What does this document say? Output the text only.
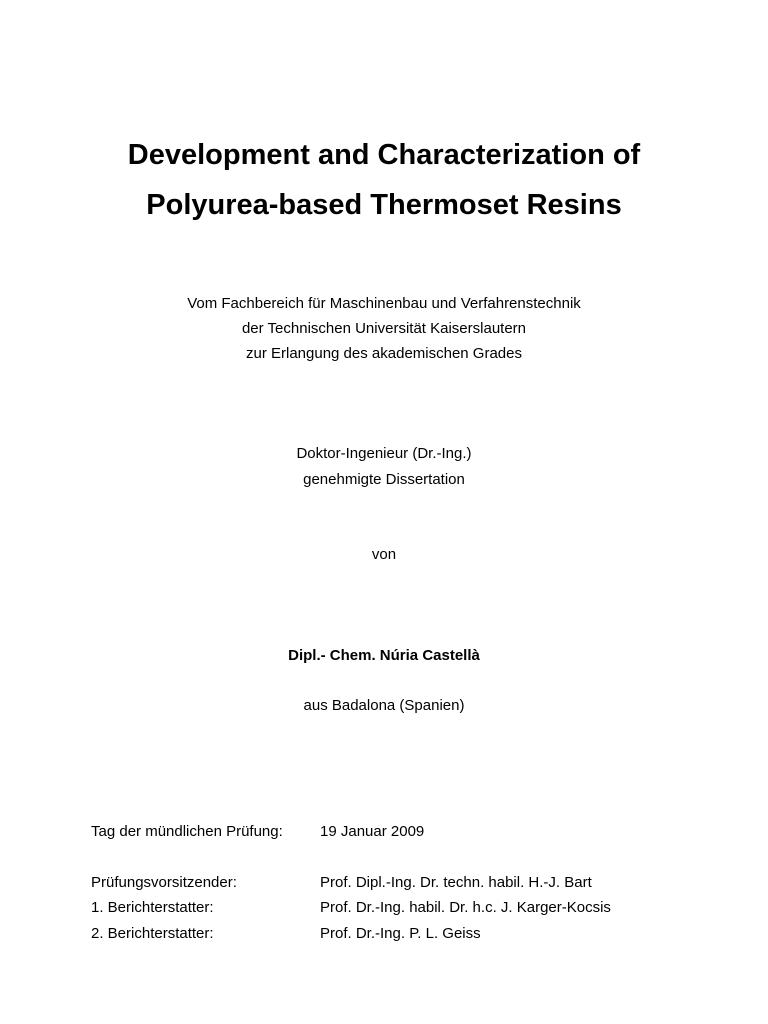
Development and Characterization of
Polyurea-based Thermoset Resins
Vom Fachbereich für Maschinenbau und Verfahrenstechnik
der Technischen Universität Kaiserslautern
zur Erlangung des akademischen Grades
Doktor-Ingenieur (Dr.-Ing.)
genehmigte Dissertation
von
Dipl.- Chem. Núria Castellà
aus Badalona (Spanien)
Tag der mündlichen Prüfung: 19 Januar 2009
Prüfungsvorsitzender:	Prof. Dipl.-Ing. Dr. techn. habil. H.-J. Bart
1. Berichterstatter:	Prof. Dr.-Ing. habil. Dr. h.c. J. Karger-Kocsis
2. Berichterstatter:	Prof. Dr.-Ing. P. L. Geiss
